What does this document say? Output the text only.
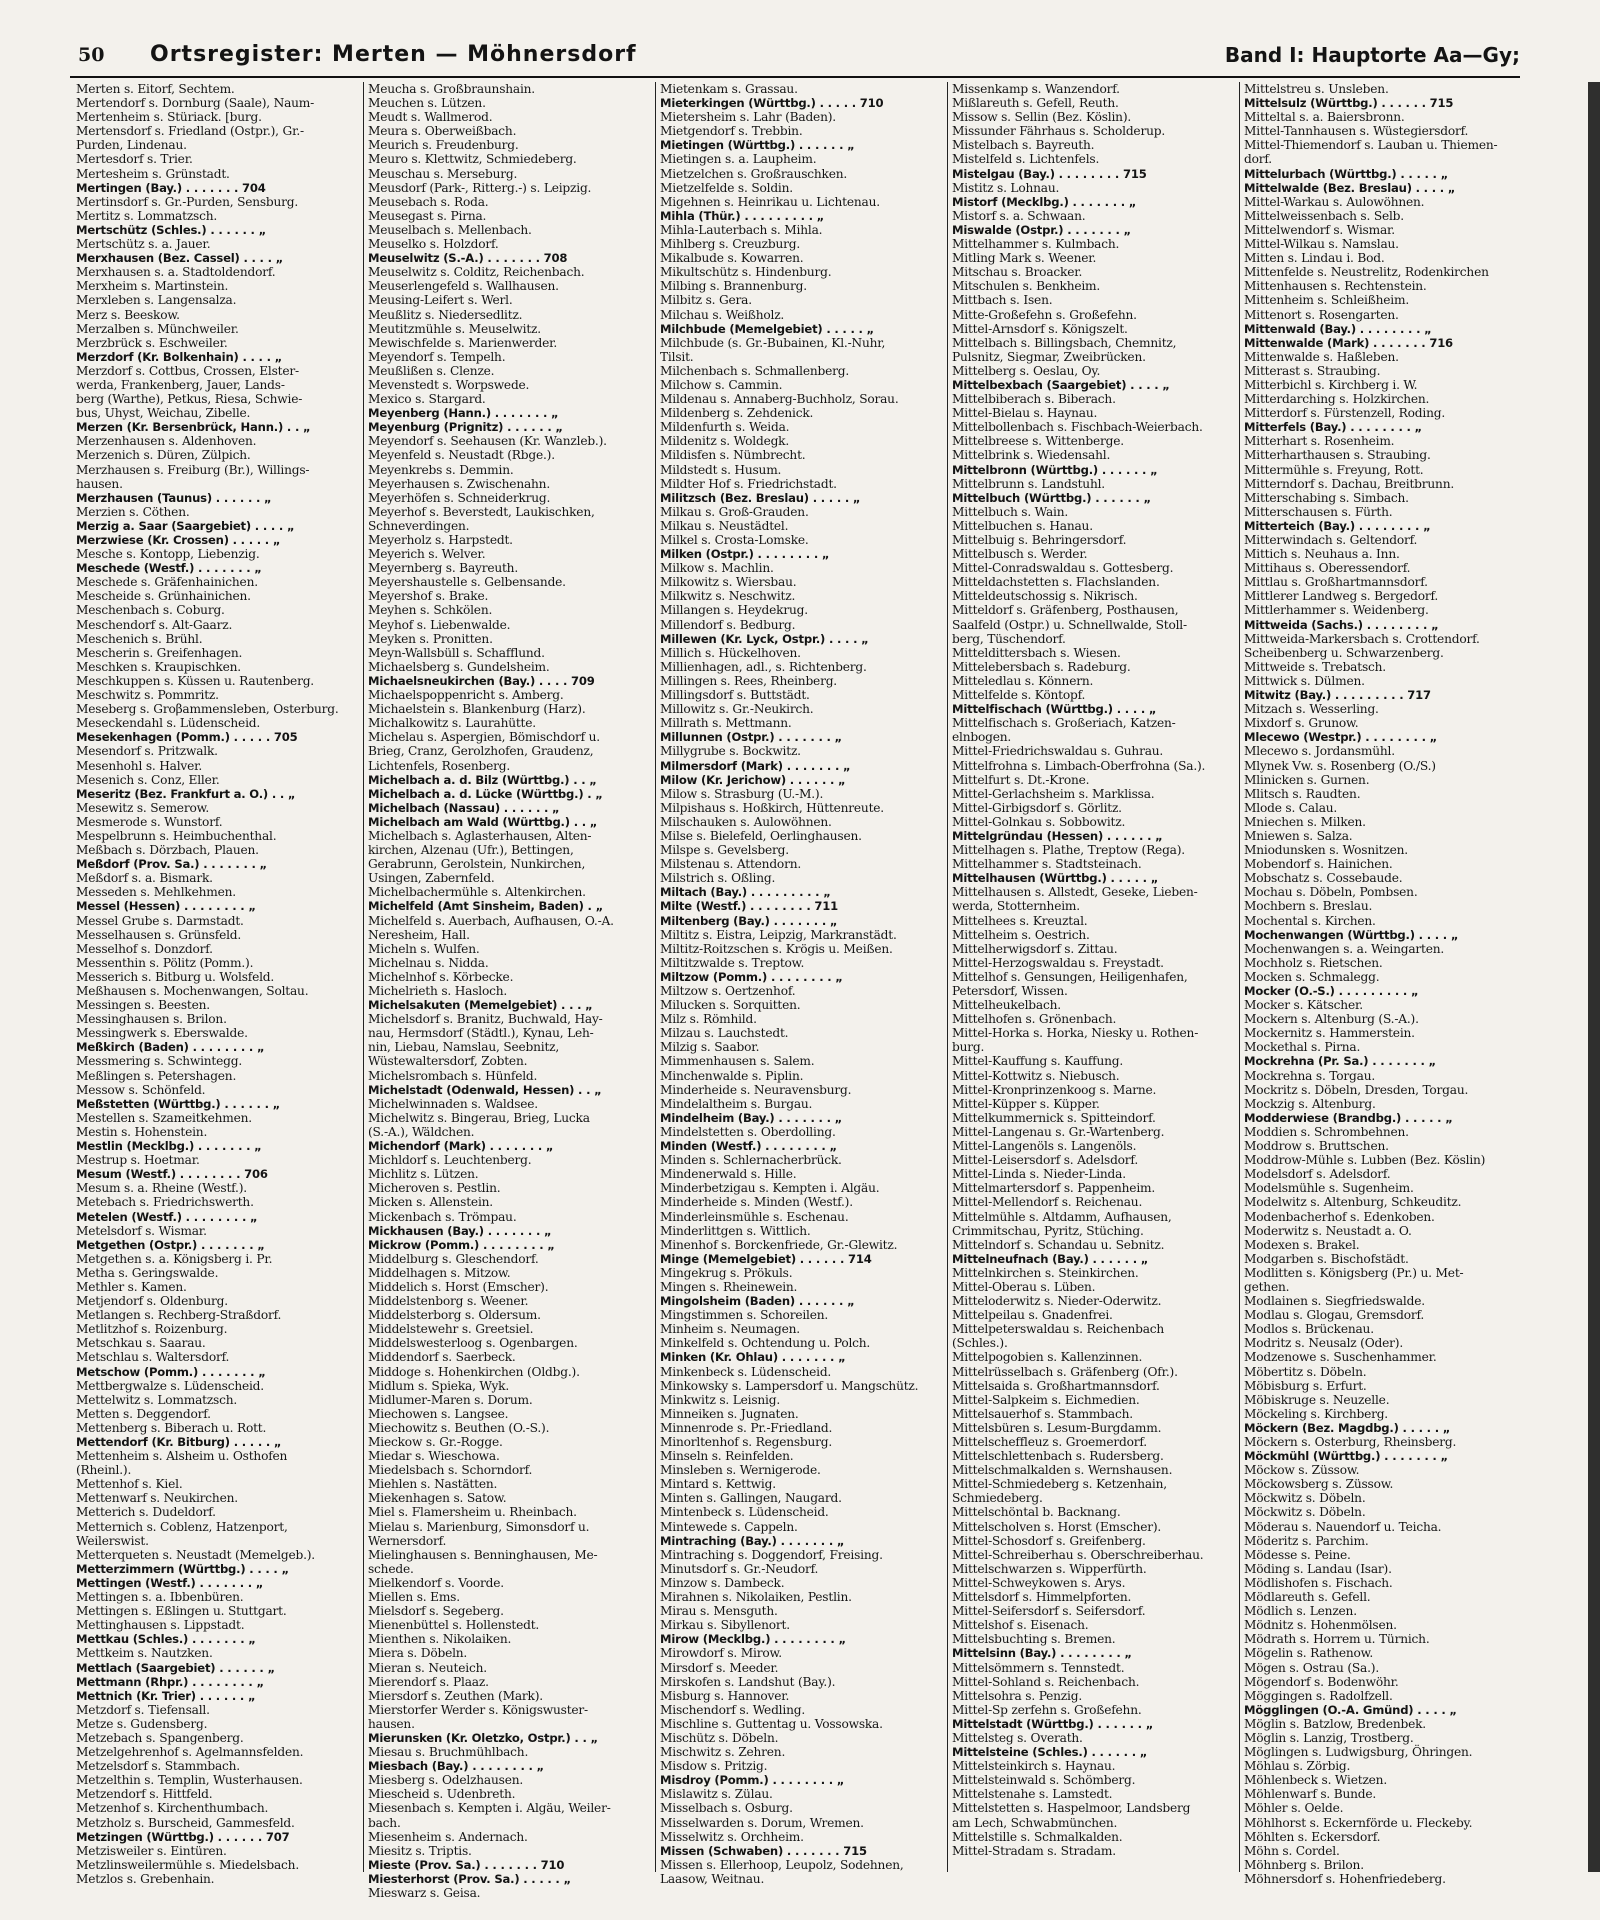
50 Ortsregister: Merten — Möhnersdorf	Band I: Hauptorte Aa—Gy;
Merten s. Eitorf, Sechtem.
Mertendorf s. Dornburg (Saale), Naum-
Mertenheim s. Stüriack. [burg.
Mertensdorf s. Friedland (Ostpr.), Gr.-
Purden, Lindenau.
Mertesdorf s. Trier.
Mertesheim s. Grünstadt.
Mertingen (Bay.) . . . . . . . 704
Mertinsdorf s. Gr.-Purden, Sensburg.
Mertitz s. Lommatzsch.
Mertschütz (Schles.) . . . . . . „
Mertschütz s. a. Jauer.
Merxhausen (Bez. Cassel) . . . . „
Merxhausen s. a. Stadtoldendorf.
Merxheim s. Martinstein.
Merxleben s. Langensalza.
Merz s. Beeskow.
Merzalben s. Münchweiler.
Merzbrück s. Eschweiler.
Merzdorf (Kr. Bolkenhain) . . . . „
Merzdorf s. Cottbus, Crossen, Elster-
werda, Frankenberg, Jauer, Lands-
berg (Warthe), Petkus, Riesa, Schwie-
bus, Uhyst, Weichau, Zibelle.
Merzen (Kr. Bersenbrück, Hann.) . . „
Merzenhausen s. Aldenhoven.
Merzenich s. Düren, Zülpich.
Merzhausen s. Freiburg (Br.), Willings-
hausen.
Merzhausen (Taunus) . . . . . . „
Merzien s. Cöthen.
Merzig a. Saar (Saargebiet) . . . . „
Merzwiese (Kr. Crossen) . . . . . „
Mesche s. Kontopp, Liebenzig.
Meschede (Westf.) . . . . . . . „
Meschede s. Gräfenhainichen.
Mescheide s. Grünhainichen.
Meschenbach s. Coburg.
Meschendorf s. Alt-Gaarz.
Meschenich s. Brühl.
Mescherin s. Greifenhagen.
Meschken s. Kraupischken.
Meschkuppen s. Küssen u. Rautenberg.
Meschwitz s. Pommritz.
Meseberg s. Groβammensleben, Osterburg.
Meseckendahl s. Lüdenscheid.
Mesekenhagen (Pomm.) . . . . . 705
Mesendorf s. Pritzwalk.
Mesenhohl s. Halver.
Mesenich s. Conz, Eller.
Meseritz (Bez. Frankfurt a. O.) . . „
Mesewitz s. Semerow.
Mesmerode s. Wunstorf.
Mespelbrunn s. Heimbuchenthal.
Meßbach s. Dörzbach, Plauen.
Meßdorf (Prov. Sa.) . . . . . . . „
Meßdorf s. a. Bismark.
Messeden s. Mehlkehmen.
Messel (Hessen) . . . . . . . . „
Messel Grube s. Darmstadt.
Messelhausen s. Grünsfeld.
Messelhof s. Donzdorf.
Messenthin s. Pölitz (Pomm.).
Messerich s. Bitburg u. Wolsfeld.
Meßhausen s. Mochenwangen, Soltau.
Messingen s. Beesten.
Messinghausen s. Brilon.
Messingwerk s. Eberswalde.
Meßkirch (Baden) . . . . . . . . „
Messmering s. Schwintegg.
Meßlingen s. Petershagen.
Messow s. Schönfeld.
Meßstetten (Württbg.) . . . . . . „
Mestellen s. Szameitkehmen.
Mestin s. Hohenstein.
Mestlin (Mecklbg.) . . . . . . . „
Mestrup s. Hoetmar.
Mesum (Westf.) . . . . . . . . 706
Mesum s. a. Rheine (Westf.).
Metebach s. Friedrichswerth.
Metelen (Westf.) . . . . . . . . „
Metelsdorf s. Wismar.
Metgethen (Ostpr.) . . . . . . . „
Metgethen s. a. Königsberg i. Pr.
Metha s. Geringswalde.
Methler s. Kamen.
Metjendorf s. Oldenburg.
Metlangen s. Rechberg-Straßdorf.
Metlitzhof s. Roizenburg.
Metschkau s. Saarau.
Metschlau s. Waltersdorf.
Metschow (Pomm.) . . . . . . . „
Mettbergwalze s. Lüdenscheid.
Mettelwitz s. Lommatzsch.
Metten s. Deggendorf.
Mettenberg s. Biberach u. Rott.
Mettendorf (Kr. Bitburg) . . . . . „
Mettenheim s. Alsheim u. Osthofen
(Rheinl.).
Mettenhof s. Kiel.
Mettenwarf s. Neukirchen.
Metterich s. Dudeldorf.
Metternich s. Coblenz, Hatzenport,
Weilerswist.
Metterqueten s. Neustadt (Memelgeb.).
Metterzimmern (Württbg.) . . . . „
Mettingen (Westf.) . . . . . . . „
Mettingen s. a. Ibbenbüren.
Mettingen s. Eßlingen u. Stuttgart.
Mettinghausen s. Lippstadt.
Mettkau (Schles.) . . . . . . . „
Mettkeim s. Nautzken.
Mettlach (Saargebiet) . . . . . . „
Mettmann (Rhpr.) . . . . . . . . „
Mettnich (Kr. Trier) . . . . . . „
Metzdorf s. Tiefensall.
Metze s. Gudensberg.
Metzebach s. Spangenberg.
Metzelgehrenhof s. Agelmannsfelden.
Metzelsdorf s. Stammbach.
Metzelthin s. Templin, Wusterhausen.
Metzendorf s. Hittfeld.
Metzenhof s. Kirchenthumbach.
Metzholz s. Burscheid, Gammesfeld.
Metzingen (Württbg.) . . . . . . 707
Metzisweiler s. Eintüren.
Metzlinsweilermühle s. Miedelsbach.
Metzlos s. Grebenhain.
Meucha s. Großbraunshain.
Meuchen s. Lützen.
Meudt s. Wallmerod.
Meura s. Oberweißbach.
Meurich s. Freudenburg.
Meuro s. Klettwitz, Schmiedeberg.
Meuschau s. Merseburg.
Meusdorf (Park-, Ritterg.-) s. Leipzig.
Meusebach s. Roda.
Meusegast s. Pirna.
Meuselbach s. Mellenbach.
Meuselko s. Holzdorf.
Meuselwitz (S.-A.) . . . . . . . 708
Meuselwitz s. Colditz, Reichenbach.
Meuserlengefeld s. Wallhausen.
Meusing-Leifert s. Werl.
Meußlitz s. Niedersedlitz.
Meutitzmühle s. Meuselwitz.
Mewischfelde s. Marienwerder.
Meyendorf s. Tempelh.
Meußlißen s. Clenze.
Mevenstedt s. Worpswede.
Mexico s. Stargard.
Meyenberg (Hann.) . . . . . . . „
Meyenburg (Prignitz) . . . . . . „
Meyendorf s. Seehausen (Kr. Wanzleb.).
Meyenfeld s. Neustadt (Rbge.).
Meyenkrebs s. Demmin.
Meyerhausen s. Zwischenahn.
Meyerhöfen s. Schneiderkrug.
Meyerhof s. Beverstedt, Laukischken,
Schneverdingen.
Meyerholz s. Harpstedt.
Meyerich s. Welver.
Meyernberg s. Bayreuth.
Meyershaustelle s. Gelbensande.
Meyershof s. Brake.
Meyhen s. Schkölen.
Meyhof s. Liebenwalde.
Meyken s. Pronitten.
Meyn-Wallsbüll s. Schafflund.
Michaelsberg s. Gundelsheim.
Michaelsneukirchen (Bay.) . . . . 709
Michaelspoppenricht s. Amberg.
Michaelstein s. Blankenburg (Harz).
Michalkowitz s. Laurahütte.
Michelau s. Aspergien, Bömischdorf u.
Brieg, Cranz, Gerolzhofen, Graudenz,
Lichtenfels, Rosenberg.
Michelbach a. d. Bilz (Württbg.) . . „
Michelbach a. d. Lücke (Württbg.) . „
Michelbach (Nassau) . . . . . . „
Michelbach am Wald (Württbg.) . . „
Michelbach s. Aglasterhausen, Alten-
kirchen, Alzenau (Ufr.), Bettingen,
Gerabrunn, Gerolstein, Nunkirchen,
Usingen, Zabernfeld.
Michelbachermühle s. Altenkirchen.
Michelfeld (Amt Sinsheim, Baden) . „
Michelfeld s. Auerbach, Aufhausen, O.-A.
Neresheim, Hall.
Micheln s. Wulfen.
Michelnau s. Nidda.
Michelnhof s. Körbecke.
Michelrieth s. Hasloch.
Michelsakuten (Memelgebiet) . . . „
Michelsdorf s. Branitz, Buchwald, Hay-
nau, Hermsdorf (Städtl.), Kynau, Leh-
nin, Liebau, Namslau, Seebnitz,
Wüstewaltersdorf, Zobten.
Michelsrombach s. Hünfeld.
Michelstadt (Odenwald, Hessen) . . „
Michelwinnaden s. Waldsee.
Michelwitz s. Bingerau, Brieg, Lucka
(S.-A.), Wäldchen.
Michendorf (Mark) . . . . . . . „
Michldorf s. Leuchtenberg.
Michlitz s. Lützen.
Micheroven s. Pestlin.
Micken s. Allenstein.
Mickenbach s. Trömpau.
Mickhausen (Bay.) . . . . . . . „
Mickrow (Pomm.) . . . . . . . . „
Middelburg s. Gleschendorf.
Middelhagen s. Mitzow.
Middelich s. Horst (Emscher).
Middelstenborg s. Weener.
Middelsterborg s. Oldersum.
Middelstewehr s. Greetsiel.
Middelswesterloog s. Ogenbargen.
Middendorf s. Saerbeck.
Middoge s. Hohenkirchen (Oldbg.).
Midlum s. Spieka, Wyk.
Midlumer-Maren s. Dorum.
Miechowen s. Langsee.
Miechowitz s. Beuthen (O.-S.).
Mieckow s. Gr.-Rogge.
Miedar s. Wieschowa.
Miedelsbach s. Schorndorf.
Miehlen s. Nastätten.
Miekenhagen s. Satow.
Miel s. Flamersheim u. Rheinbach.
Mielau s. Marienburg, Simonsdorf u.
Wernersdorf.
Mielinghausen s. Benninghausen, Me-
schede.
Mielkendorf s. Voorde.
Miellen s. Ems.
Mielsdorf s. Segeberg.
Mienenbüttel s. Hollenstedt.
Mienthen s. Nikolaiken.
Miera s. Döbeln.
Mieran s. Neuteich.
Mierendorf s. Plaaz.
Miersdorf s. Zeuthen (Mark).
Mierstorfer Werder s. Königswuster-
hausen.
Mierunsken (Kr. Oletzko, Ostpr.) . . „
Miesau s. Bruchmühlbach.
Miesbach (Bay.) . . . . . . . . „
Miesberg s. Odelzhausen.
Miescheid s. Udenbreth.
Miesenbach s. Kempten i. Algäu, Weiler-
bach.
Miesenheim s. Andernach.
Miesitz s. Triptis.
Mieste (Prov. Sa.) . . . . . . . 710
Miesterhorst (Prov. Sa.) . . . . . „
Mieswarz s. Geisa.
Mietenkam s. Grassau.
Mieterkingen (Württbg.) . . . . . 710
Mietersheim s. Lahr (Baden).
Mietgendorf s. Trebbin.
Mietingen (Württbg.) . . . . . . „
Mietingen s. a. Laupheim.
Mietzelchen s. Großrauschken.
Mietzelfelde s. Soldin.
Migehnen s. Heinrikau u. Lichtenau.
Mihla (Thür.) . . . . . . . . . „
Mihla-Lauterbach s. Mihla.
Mihlberg s. Creuzburg.
Mikalbude s. Kowarren.
Mikultschütz s. Hindenburg.
Milbing s. Brannenburg.
Milbitz s. Gera.
Milchau s. Weißholz.
Milchbude (Memelgebiet) . . . . . „
Milchbude (s. Gr.-Bubainen, Kl.-Nuhr,
Tilsit.
Milchenbach s. Schmallenberg.
Milchow s. Cammin.
Mildenau s. Annaberg-Buchholz, Sorau.
Mildenberg s. Zehdenick.
Mildenfurth s. Weida.
Mildenitz s. Woldegk.
Mildisfen s. Nümbrecht.
Mildstedt s. Husum.
Mildter Hof s. Friedrichstadt.
Militzsch (Bez. Breslau) . . . . . „
Milkau s. Groß-Grauden.
Milkau s. Neustädtel.
Milkel s. Crosta-Lomske.
Milken (Ostpr.) . . . . . . . . „
Milkow s. Machlin.
Milkowitz s. Wiersbau.
Milkwitz s. Neschwitz.
Millangen s. Heydekrug.
Millendorf s. Bedburg.
Millewen (Kr. Lyck, Ostpr.) . . . . „
Millich s. Hückelhoven.
Millienhagen, adl., s. Richtenberg.
Millingen s. Rees, Rheinberg.
Millingsdorf s. Buttstädt.
Millowitz s. Gr.-Neukirch.
Millrath s. Mettmann.
Millunnen (Ostpr.) . . . . . . . „
Millygrube s. Bockwitz.
Milmersdorf (Mark) . . . . . . . „
Milow (Kr. Jerichow) . . . . . . „
Milow s. Strasburg (U.-M.).
Milpishaus s. Hoßkirch, Hüttenreute.
Milschauken s. Aulowöhnen.
Milse s. Bielefeld, Oerlinghausen.
Milspe s. Gevelsberg.
Milstenau s. Attendorn.
Milstrich s. Oßling.
Miltach (Bay.) . . . . . . . . . „
Milte (Westf.) . . . . . . . . 711
Miltenberg (Bay.) . . . . . . . „
Miltitz s. Eistra, Leipzig, Markranstädt.
Miltitz-Roitzschen s. Krögis u. Meißen.
Miltitzwalde s. Treptow.
Miltzow (Pomm.) . . . . . . . . „
Miltzow s. Oertzenhof.
Milucken s. Sorquitten.
Milz s. Römhild.
Milzau s. Lauchstedt.
Milzig s. Saabor.
Mimmenhausen s. Salem.
Minchenwalde s. Piplin.
Minderheide s. Neuravensburg.
Mindelaltheim s. Burgau.
Mindelheim (Bay.) . . . . . . . „
Mindelstetten s. Oberdolling.
Minden (Westf.) . . . . . . . . „
Minden s. Schlernacherbrück.
Mindenerwald s. Hille.
Minderbetzigau s. Kempten i. Algäu.
Minderheide s. Minden (Westf.).
Minderleinsmühle s. Eschenau.
Minderlittgen s. Wittlich.
Minenhof s. Borckenfriede, Gr.-Glewitz.
Minge (Memelgebiet) . . . . . . 714
Mingekrug s. Prökuls.
Mingen s. Rheinewein.
Mingolsheim (Baden) . . . . . . „
Mingstimmen s. Schoreilen.
Minheim s. Neumagen.
Minkelfeld s. Ochtendung u. Polch.
Minken (Kr. Ohlau) . . . . . . . „
Minkenbeck s. Lüdenscheid.
Minkowsky s. Lampersdorf u. Mangschütz.
Minkwitz s. Leisnig.
Minneiken s. Jugnaten.
Minnenrode s. Pr.-Friedland.
Minorltenhof s. Regensburg.
Minseln s. Reinfelden.
Minsleben s. Wernigerode.
Mintard s. Kettwig.
Minten s. Gallingen, Naugard.
Mintenbeck s. Lüdenscheid.
Mintewede s. Cappeln.
Mintraching (Bay.) . . . . . . . „
Mintraching s. Doggendorf, Freising.
Minutsdorf s. Gr.-Neudorf.
Minzow s. Dambeck.
Mirahnen s. Nikolaiken, Pestlin.
Mirau s. Mensguth.
Mirkau s. Sibyllenort.
Mirow (Mecklbg.) . . . . . . . . „
Mirowdorf s. Mirow.
Mirsdorf s. Meeder.
Mirskofen s. Landshut (Bay.).
Misburg s. Hannover.
Mischendorf s. Wedling.
Mischline s. Guttentag u. Vossowska.
Mischütz s. Döbeln.
Mischwitz s. Zehren.
Misdow s. Pritzig.
Misdroy (Pomm.) . . . . . . . . „
Mislawitz s. Zülau.
Misselbach s. Osburg.
Misselwarden s. Dorum, Wremen.
Misselwitz s. Orchheim.
Missen (Schwaben) . . . . . . . 715
Missen s. Ellerhoop, Leupolz, Sodehnen,
Laasow, Weitnau.
Missenkamp s. Wanzendorf.
Mißlareuth s. Gefell, Reuth.
Missow s. Sellin (Bez. Köslin).
Missunder Fährhaus s. Scholderup.
Mistelbach s. Bayreuth.
Mistelfeld s. Lichtenfels.
Mistelgau (Bay.) . . . . . . . . 715
Mistitz s. Lohnau.
Mistorf (Mecklbg.) . . . . . . . „
Mistorf s. a. Schwaan.
Miswalde (Ostpr.) . . . . . . . „
Mittelhammer s. Kulmbach.
Mitling Mark s. Weener.
Mitschau s. Broacker.
Mitschulen s. Benkheim.
Mittbach s. Isen.
Mitte-Großefehn s. Großefehn.
Mittel-Arnsdorf s. Königszelt.
Mittelbach s. Billingsbach, Chemnitz,
Pulsnitz, Siegmar, Zweibrücken.
Mittelberg s. Oeslau, Oy.
Mittelbexbach (Saargebiet) . . . . „
Mittelbiberach s. Biberach.
Mittel-Bielau s. Haynau.
Mittelbollenbach s. Fischbach-Weierbach.
Mittelbreese s. Wittenberge.
Mittelbrink s. Wiedensahl.
Mittelbronn (Württbg.) . . . . . . „
Mittelbrunn s. Landstuhl.
Mittelbuch (Württbg.) . . . . . . „
Mittelbuch s. Wain.
Mittelbuchen s. Hanau.
Mittelbuig s. Behringersdorf.
Mittelbusch s. Werder.
Mittel-Conradswaldau s. Gottesberg.
Mitteldachstetten s. Flachslanden.
Mitteldeutschossig s. Nikrisch.
Mitteldorf s. Gräfenberg, Posthausen,
Saalfeld (Ostpr.) u. Schnellwalde, Stoll-
berg, Tüschendorf.
Mitteldittersbach s. Wiesen.
Mittelebersbach s. Radeburg.
Mitteledlau s. Könnern.
Mittelfelde s. Köntopf.
Mittelfischach (Württbg.) . . . . „
Mittelfischach s. Großeriach, Katzen-
elnbogen.
Mittel-Friedrichswaldau s. Guhrau.
Mittelfrohna s. Limbach-Oberfrohna (Sa.).
Mittelfurt s. Dt.-Krone.
Mittel-Gerlachsheim s. Marklissa.
Mittel-Girbigsdorf s. Görlitz.
Mittel-Golnkau s. Sobbowitz.
Mittelgründau (Hessen) . . . . . . „
Mittelhagen s. Plathe, Treptow (Rega).
Mittelhammer s. Stadtsteinach.
Mittelhausen (Württbg.) . . . . . „
Mittelhausen s. Allstedt, Geseke, Lieben-
werda, Stotternheim.
Mittelhees s. Kreuztal.
Mittelheim s. Oestrich.
Mittelherwigsdorf s. Zittau.
Mittel-Herzogswaldau s. Freystadt.
Mittelhof s. Gensungen, Heiligenhafen,
Petersdorf, Wissen.
Mittelheukelbach.
Mittelhofen s. Grönenbach.
Mittel-Horka s. Horka, Niesky u. Rothen-
burg.
Mittel-Kauffung s. Kauffung.
Mittel-Kottwitz s. Niebusch.
Mittel-Kronprinzenkoog s. Marne.
Mittel-Küpper s. Küpper.
Mittelkummernick s. Spitteindorf.
Mittel-Langenau s. Gr.-Wartenberg.
Mittel-Langenöls s. Langenöls.
Mittel-Leisersdorf s. Adelsdorf.
Mittel-Linda s. Nieder-Linda.
Mittelmartersdorf s. Pappenheim.
Mittel-Mellendorf s. Reichenau.
Mittelmühle s. Altdamm, Aufhausen,
Crimmitschau, Pyritz, Stüching.
Mittelndorf s. Schandau u. Sebnitz.
Mittelneufnach (Bay.) . . . . . . „
Mittelnkirchen s. Steinkirchen.
Mittel-Oberau s. Lüben.
Mitteloderwitz s. Nieder-Oderwitz.
Mittelpeilau s. Gnadenfrei.
Mittelpeterswaldau s. Reichenbach
(Schles.).
Mittelpogobien s. Kallenzinnen.
Mittelrüsselbach s. Gräfenberg (Ofr.).
Mittelsaida s. Großhartmannsdorf.
Mittel-Salpkeim s. Eichmedien.
Mittelsauerhof s. Stammbach.
Mittelsbüren s. Lesum-Burgdamm.
Mittelscheffleuz s. Groemerdorf.
Mittelschlettenbach s. Rudersberg.
Mittelschmalkalden s. Wernshausen.
Mittel-Schmiedeberg s. Ketzenhain,
Schmiedeberg.
Mittelschöntal b. Backnang.
Mittelscholven s. Horst (Emscher).
Mittel-Schosdorf s. Greifenberg.
Mittel-Schreiberhau s. Oberschreiberhau.
Mittelschwarzen s. Wipperfürth.
Mittel-Schweykowen s. Arys.
Mittelsdorf s. Himmelpforten.
Mittel-Seifersdorf s. Seifersdorf.
Mittelshof s. Eisenach.
Mittelsbuchting s. Bremen.
Mittelsinn (Bay.) . . . . . . . . „
Mittelsömmern s. Tennstedt.
Mittel-Sohland s. Reichenbach.
Mittelsohra s. Penzig.
Mittel-Sp zerfehn s. Großefehn.
Mittelstadt (Württbg.) . . . . . . „
Mittelsteg s. Overath.
Mittelsteine (Schles.) . . . . . . „
Mittelsteinkirch s. Haynau.
Mittelsteinwald s. Schömberg.
Mittelstenahe s. Lamstedt.
Mittelstetten s. Haspelmoor, Landsberg
am Lech, Schwabmünchen.
Mittelstille s. Schmalkalden.
Mittel-Stradam s. Stradam.
Mittelstreu s. Unsleben.
Mittelsulz (Württbg.) . . . . . . 715
Mitteltal s. a. Baiersbronn.
Mittel-Tannhausen s. Wüstegiersdorf.
Mittel-Thiemendorf s. Lauban u. Thiemen-
dorf.
Mittelurbach (Württbg.) . . . . . „
Mittelwalde (Bez. Breslau) . . . . „
Mittel-Warkau s. Aulowöhnen.
Mittelweissenbach s. Selb.
Mittelwendorf s. Wismar.
Mittel-Wilkau s. Namslau.
Mitten s. Lindau i. Bod.
Mittenfelde s. Neustrelitz, Rodenkirchen
Mittenhausen s. Rechtenstein.
Mittenheim s. Schleißheim.
Mittenort s. Rosengarten.
Mittenwald (Bay.) . . . . . . . . „
Mittenwalde (Mark) . . . . . . . 716
Mittenwalde s. Haßleben.
Mitterast s. Straubing.
Mitterbichl s. Kirchberg i. W.
Mitterdarching s. Holzkirchen.
Mitterdorf s. Fürstenzell, Roding.
Mitterfels (Bay.) . . . . . . . . „
Mitterhart s. Rosenheim.
Mitterharthausen s. Straubing.
Mittermühle s. Freyung, Rott.
Mitterndorf s. Dachau, Breitbrunn.
Mitterschabing s. Simbach.
Mitterschausen s. Fürth.
Mitterteich (Bay.) . . . . . . . . „
Mitterwindach s. Geltendorf.
Mittich s. Neuhaus a. Inn.
Mittihaus s. Oberessendorf.
Mittlau s. Großhartmannsdorf.
Mittlerer Landweg s. Bergedorf.
Mittlerhammer s. Weidenberg.
Mittweida (Sachs.) . . . . . . . . „
Mittweida-Markersbach s. Crottendorf.
Scheibenberg u. Schwarzenberg.
Mittweide s. Trebatsch.
Mittwick s. Dülmen.
Mitwitz (Bay.) . . . . . . . . . 717
Mitzach s. Wesserling.
Mixdorf s. Grunow.
Mlecewo (Westpr.) . . . . . . . . „
Mlecewo s. Jordansmühl.
Mlynek Vw. s. Rosenberg (O./S.)
Mlinicken s. Gurnen.
Mlitsch s. Raudten.
Mlode s. Calau.
Mniechen s. Milken.
Mniewen s. Salza.
Mniodunsken s. Wosnitzen.
Mobendorf s. Hainichen.
Mobschatz s. Cossebaude.
Mochau s. Döbeln, Pombsen.
Mochbern s. Breslau.
Mochental s. Kirchen.
Mochenwangen (Württbg.) . . . . „
Mochenwangen s. a. Weingarten.
Mochholz s. Rietschen.
Mocken s. Schmalegg.
Mocker (O.-S.) . . . . . . . . . „
Mocker s. Kätscher.
Mockern s. Altenburg (S.-A.).
Mockernitz s. Hammerstein.
Mockethal s. Pirna.
Mockrehna (Pr. Sa.) . . . . . . . „
Mockrehna s. Torgau.
Mockritz s. Döbeln, Dresden, Torgau.
Mockzig s. Altenburg.
Modderwiese (Brandbg.) . . . . . „
Moddien s. Schrombehnen.
Moddrow s. Bruttschen.
Moddrow-Mühle s. Lubben (Bez. Köslin)
Modelsdorf s. Adelsdorf.
Modelsmühle s. Sugenheim.
Modelwitz s. Altenburg, Schkeuditz.
Modenbacherhof s. Edenkoben.
Moderwitz s. Neustadt a. O.
Modexen s. Brakel.
Modgarben s. Bischofstädt.
Modlitten s. Königsberg (Pr.) u. Met-
gethen.
Modlainen s. Siegfriedswalde.
Modlau s. Glogau, Gremsdorf.
Modlos s. Brückenau.
Modritz s. Neusalz (Oder).
Modzenowe s. Suschenhammer.
Möbertitz s. Döbeln.
Möbisburg s. Erfurt.
Möbiskruge s. Neuzelle.
Möckeling s. Kirchberg.
Möckern (Bez. Magdbg.) . . . . . „
Möckern s. Osterburg, Rheinsberg.
Möckmühl (Württbg.) . . . . . . . „
Möckow s. Züssow.
Möckowsberg s. Züssow.
Möckwitz s. Döbeln.
Möckwitz s. Döbeln.
Möderau s. Nauendorf u. Teicha.
Möderitz s. Parchim.
Mödesse s. Peine.
Möding s. Landau (Isar).
Mödlishofen s. Fischach.
Mödlareuth s. Gefell.
Mödlich s. Lenzen.
Mödnitz s. Hohenmölsen.
Mödrath s. Horrem u. Türnich.
Mögelin s. Rathenow.
Mögen s. Ostrau (Sa.).
Mögendorf s. Bodenwöhr.
Möggingen s. Radolfzell.
Mögglingen (O.-A. Gmünd) . . . . „
Möglin s. Batzlow, Bredenbek.
Möglin s. Lanzig, Trostberg.
Möglingen s. Ludwigsburg, Öhringen.
Möhlau s. Zörbig.
Möhlenbeck s. Wietzen.
Möhlenwarf s. Bunde.
Möhler s. Oelde.
Möhlhorst s. Eckernförde u. Fleckeby.
Möhlten s. Eckersdorf.
Möhn s. Cordel.
Möhnberg s. Brilon.
Möhnersdorf s. Hohenfriedeberg.
